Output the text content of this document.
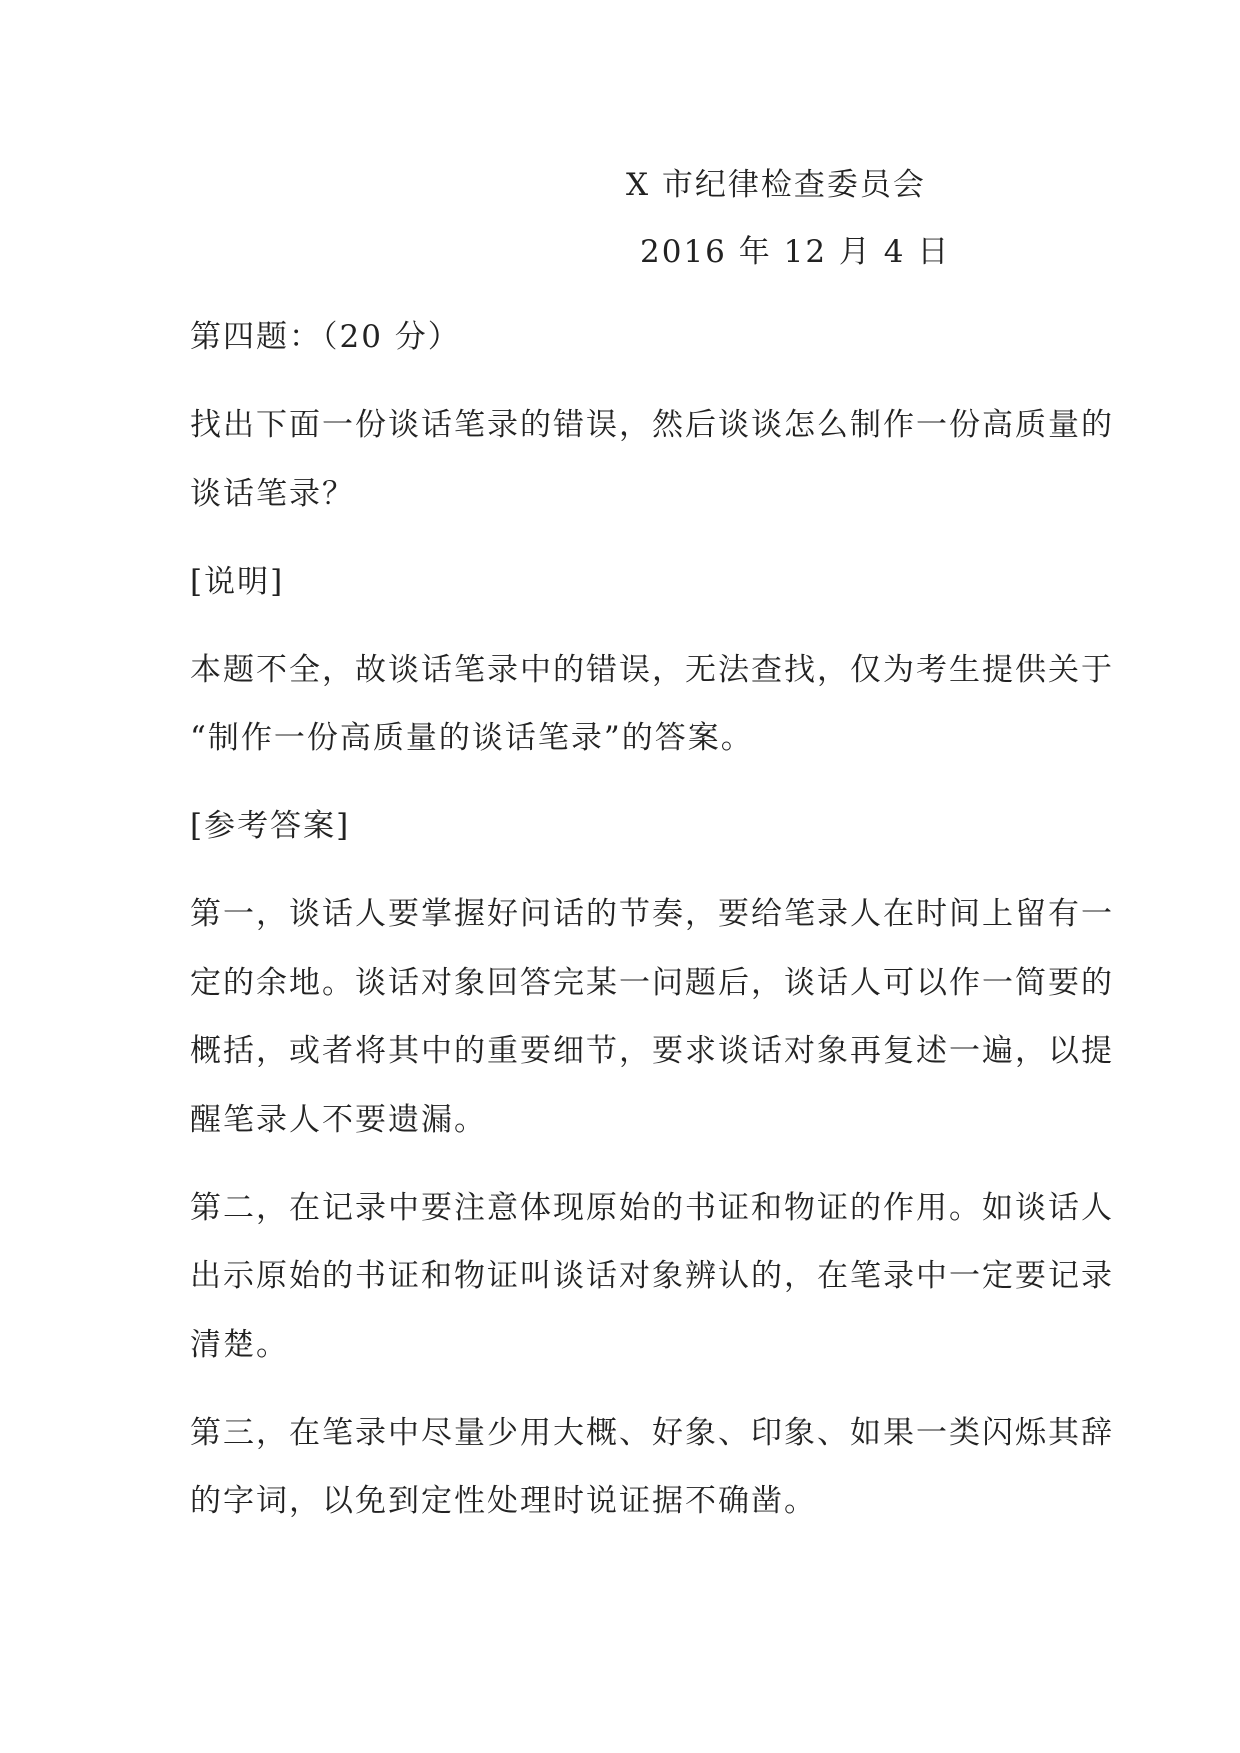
X 市纪律检查委员会
2016 年 12 月 4 日
第四题：（20 分）
找出下面一份谈话笔录的错误，然后谈谈怎么制作一份高质量的
谈话笔录？
[说明]
本题不全，故谈话笔录中的错误，无法查找，仅为考生提供关于
“制作一份高质量的谈话笔录”的答案。
[参考答案]
第一，谈话人要掌握好问话的节奏，要给笔录人在时间上留有一
定的余地。谈话对象回答完某一问题后，谈话人可以作一简要的
概括，或者将其中的重要细节，要求谈话对象再复述一遍，以提
醒笔录人不要遗漏。
第二，在记录中要注意体现原始的书证和物证的作用。如谈话人
出示原始的书证和物证叫谈话对象辨认的，在笔录中一定要记录
清楚。
第三，在笔录中尽量少用大概、好象、印象、如果一类闪烁其辞
的字词，以免到定性处理时说证据不确凿。
